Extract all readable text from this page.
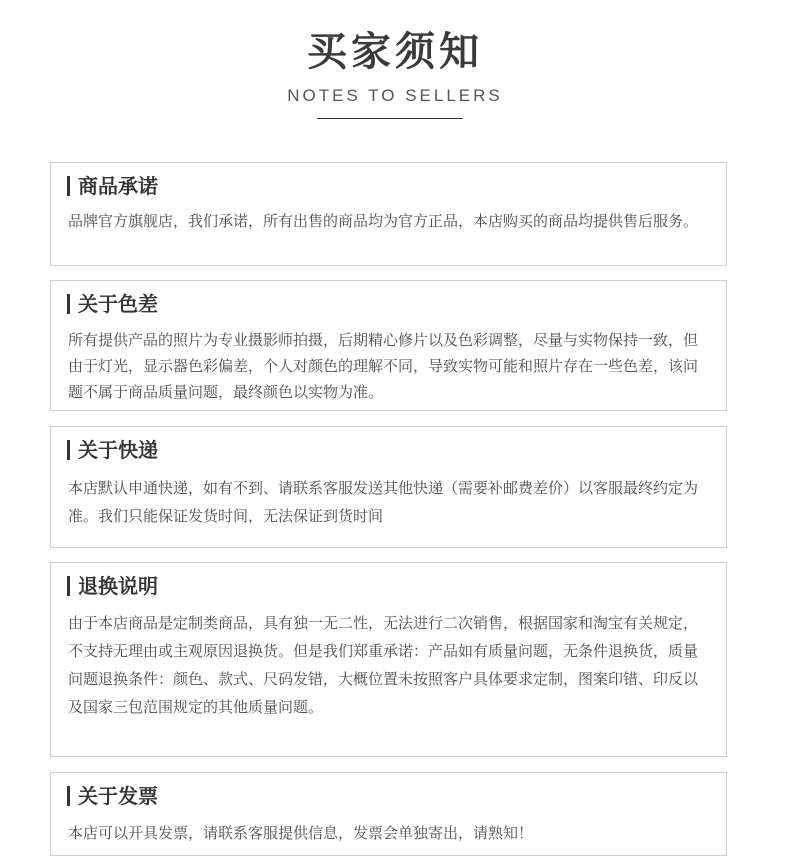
买家须知
NOTES TO SELLERS
商品承诺
品牌官方旗舰店，我们承诺，所有出售的商品均为官方正品，本店购买的商品均提供售后服务。
关于色差
所有提供产品的照片为专业摄影师拍摄，后期精心修片以及色彩调整，尽量与实物保持一致，但由于灯光，显示器色彩偏差，个人对颜色的理解不同，导致实物可能和照片存在一些色差，该问题不属于商品质量问题，最终颜色以实物为准。
关于快递
本店默认申通快递，如有不到、请联系客服发送其他快递（需要补邮费差价）以客服最终约定为准。我们只能保证发货时间，无法保证到货时间
退换说明
由于本店商品是定制类商品，具有独一无二性，无法进行二次销售，根据国家和淘宝有关规定，不支持无理由或主观原因退换货。但是我们郑重承诺：产品如有质量问题，无条件退换货，质量问题退换条件：颜色、款式、尺码发错，大概位置未按照客户具体要求定制，图案印错、印反以及国家三包范围规定的其他质量问题。
关于发票
本店可以开具发票，请联系客服提供信息，发票会单独寄出，请熟知！
